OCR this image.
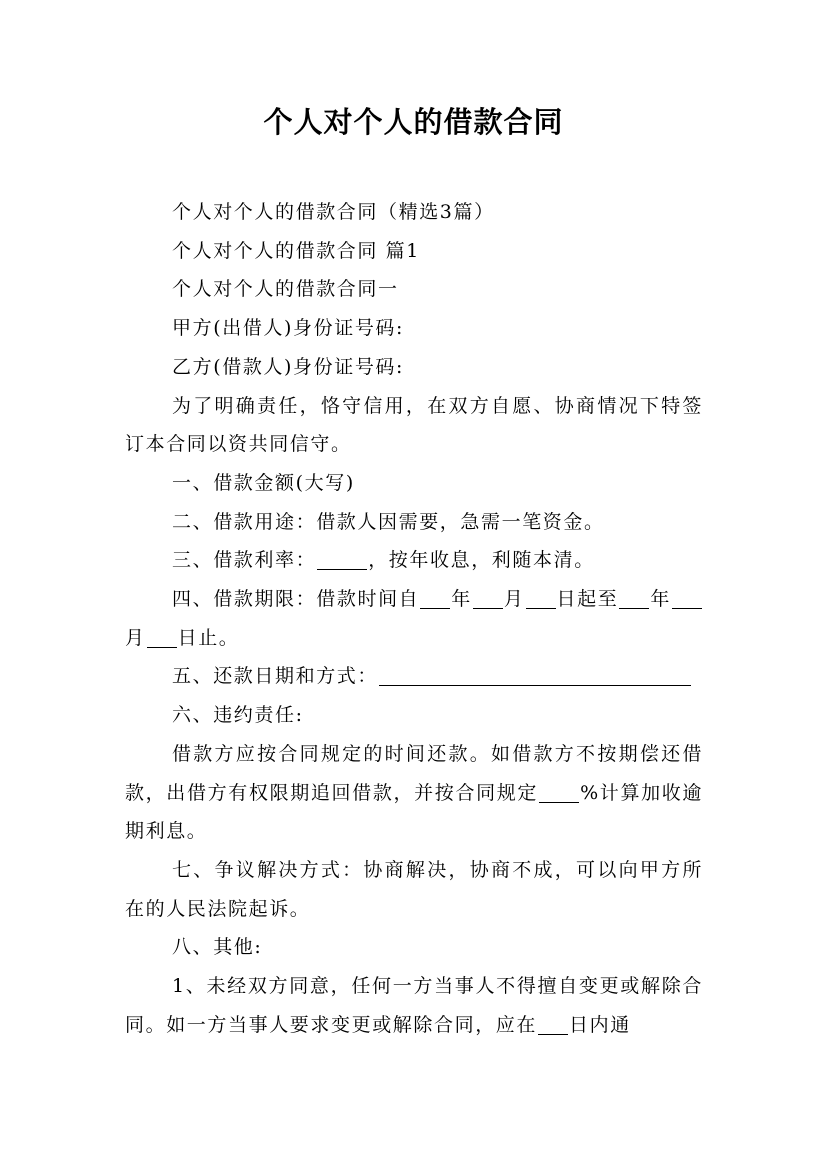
个人对个人的借款合同

个人对个人的借款合同（精选3篇）

个人对个人的借款合同 篇1

个人对个人的借款合同一

甲方(出借人)身份证号码:

乙方(借款人)身份证号码:

为了明确责任，恪守信用，在双方自愿、协商情况下特签订本合同以资共同信守。

一、借款金额(大写)

二、借款用途：借款人因需要，急需一笔资金。

三、借款利率：	，按年收息，利随本清。

四、借款期限：借款时间自 年 月 日起至 年月 日止。

五、还款日期和方式：

六、违约责任:

借款方应按合同规定的时间还款。如借款方不按期偿还借款，出借方有权限期追回借款，并按合同规定 %计算加收逾期利息。

七、争议解决方式：协商解决，协商不成，可以向甲方所在的人民法院起诉。

八、其他:

1、未经双方同意，任何一方当事人不得擅自变更或解除合同。如一方当事人要求变更或解除合同，应在 日内通
